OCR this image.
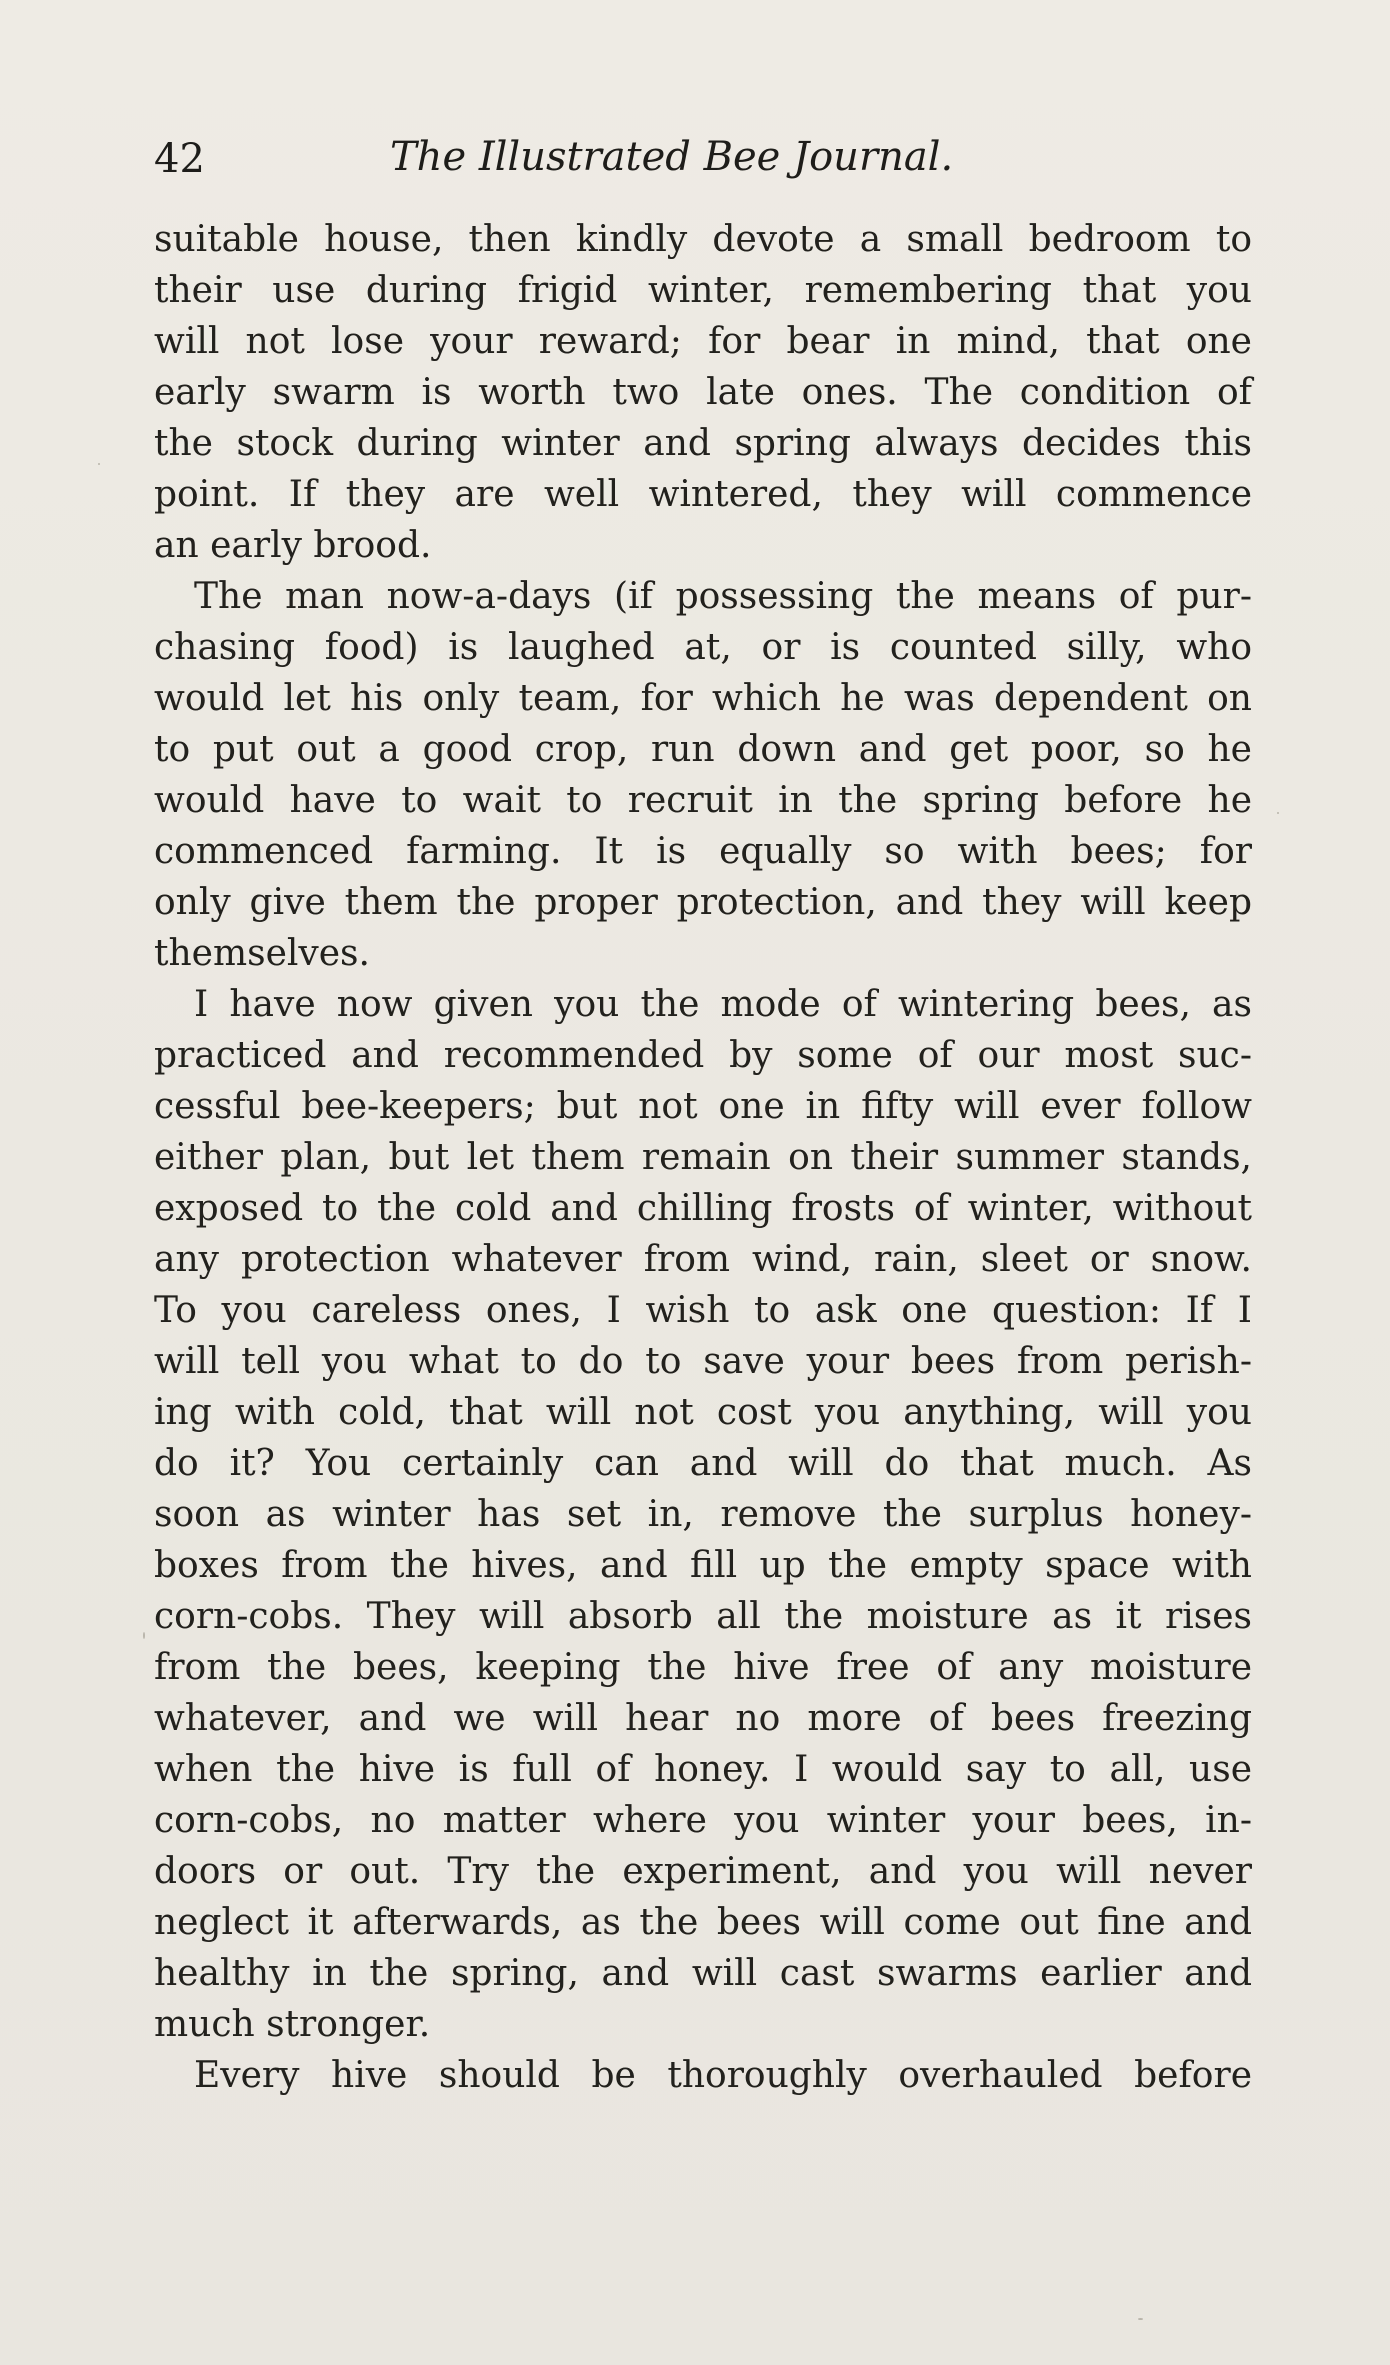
42	The Illustrated Bee Journal.
suitable house, then kindly devote a small bedroom to
their use during frigid winter, remembering that you
will not lose your reward; for bear in mind, that one
early swarm is worth two late ones. The condition of
the stock during winter and spring always decides this
point. If they are well wintered, they will commence
an early brood.
The man now-a-days (if possessing the means of pur-
chasing food) is laughed at, or is counted silly, who
would let his only team, for which he was dependent on
to put out a good crop, run down and get poor, so he
would have to wait to recruit in the spring before he
commenced farming. It is equally so with bees; for
only give them the proper protection, and they will keep
themselves.
I have now given you the mode of wintering bees, as
practiced and recommended by some of our most suc-
cessful bee-keepers; but not one in fifty will ever follow
either plan, but let them remain on their summer stands,
exposed to the cold and chilling frosts of winter, without
any protection whatever from wind, rain, sleet or snow.
To you careless ones, I wish to ask one question: If I
will tell you what to do to save your bees from perish-
ing with cold, that will not cost you anything, will you
do it? You certainly can and will do that much. As
soon as winter has set in, remove the surplus honey-
boxes from the hives, and fill up the empty space with
corn-cobs. They will absorb all the moisture as it rises
from the bees, keeping the hive free of any moisture
whatever, and we will hear no more of bees freezing
when the hive is full of honey. I would say to all, use
corn-cobs, no matter where you winter your bees, in-
doors or out. Try the experiment, and you will never
neglect it afterwards, as the bees will come out fine and
healthy in the spring, and will cast swarms earlier and
much stronger.
Every hive should be thoroughly overhauled before
